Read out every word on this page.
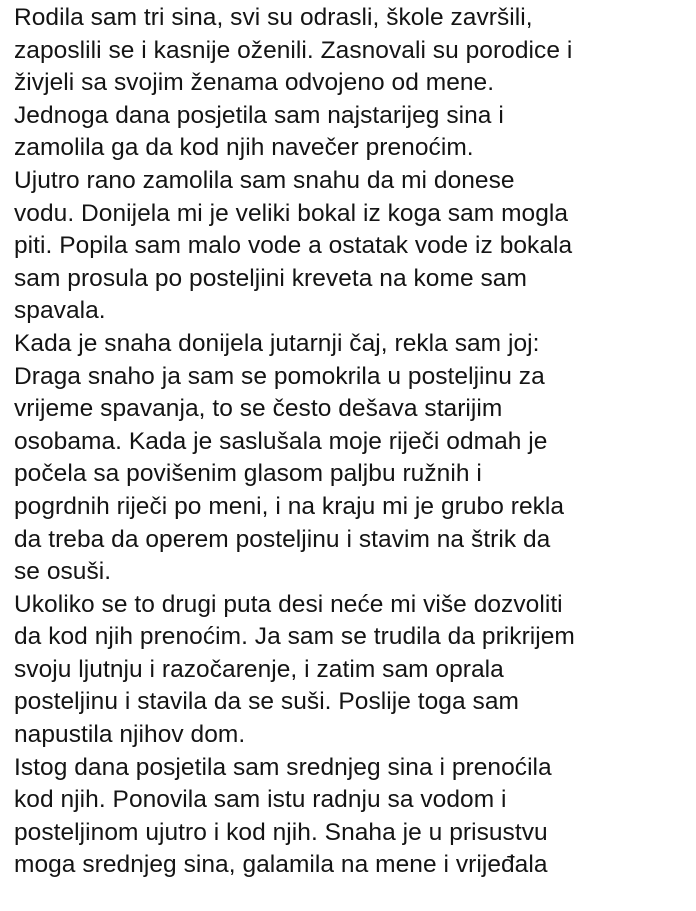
Rodila sam tri sina, svi su odrasli, škole završili,
zaposlili se i kasnije oženili. Zasnovali su porodice i
živjeli sa svojim ženama odvojeno od mene.
Jednoga dana posjetila sam najstarijeg sina i
zamolila ga da kod njih navečer prenoćim.
Ujutro rano zamolila sam snahu da mi donese
vodu. Donijela mi je veliki bokal iz koga sam mogla
piti. Popila sam malo vode a ostatak vode iz bokala
sam prosula po posteljini kreveta na kome sam
spavala.
Kada je snaha donijela jutarnji čaj, rekla sam joj:
Draga snaho ja sam se pomokrila u posteljinu za
vrijeme spavanja, to se često dešava starijim
osobama. Kada je saslušala moje riječi odmah je
počela sa povišenim glasom paljbu ružnih i
pogrdnih riječi po meni, i na kraju mi je grubo rekla
da treba da operem posteljinu i stavim na štrik da
se osuši.
Ukoliko se to drugi puta desi neće mi više dozvoliti
da kod njih prenoćim. Ja sam se trudila da prikrijem
svoju ljutnju i razočarenje, i zatim sam oprala
posteljinu i stavila da se suši. Poslije toga sam
napustila njihov dom.
Istog dana posjetila sam srednjeg sina i prenoćila
kod njih. Ponovila sam istu radnju sa vodom i
posteljinom ujutro i kod njih. Snaha je u prisustvu
moga srednjeg sina, galamila na mene i vrijeđala
